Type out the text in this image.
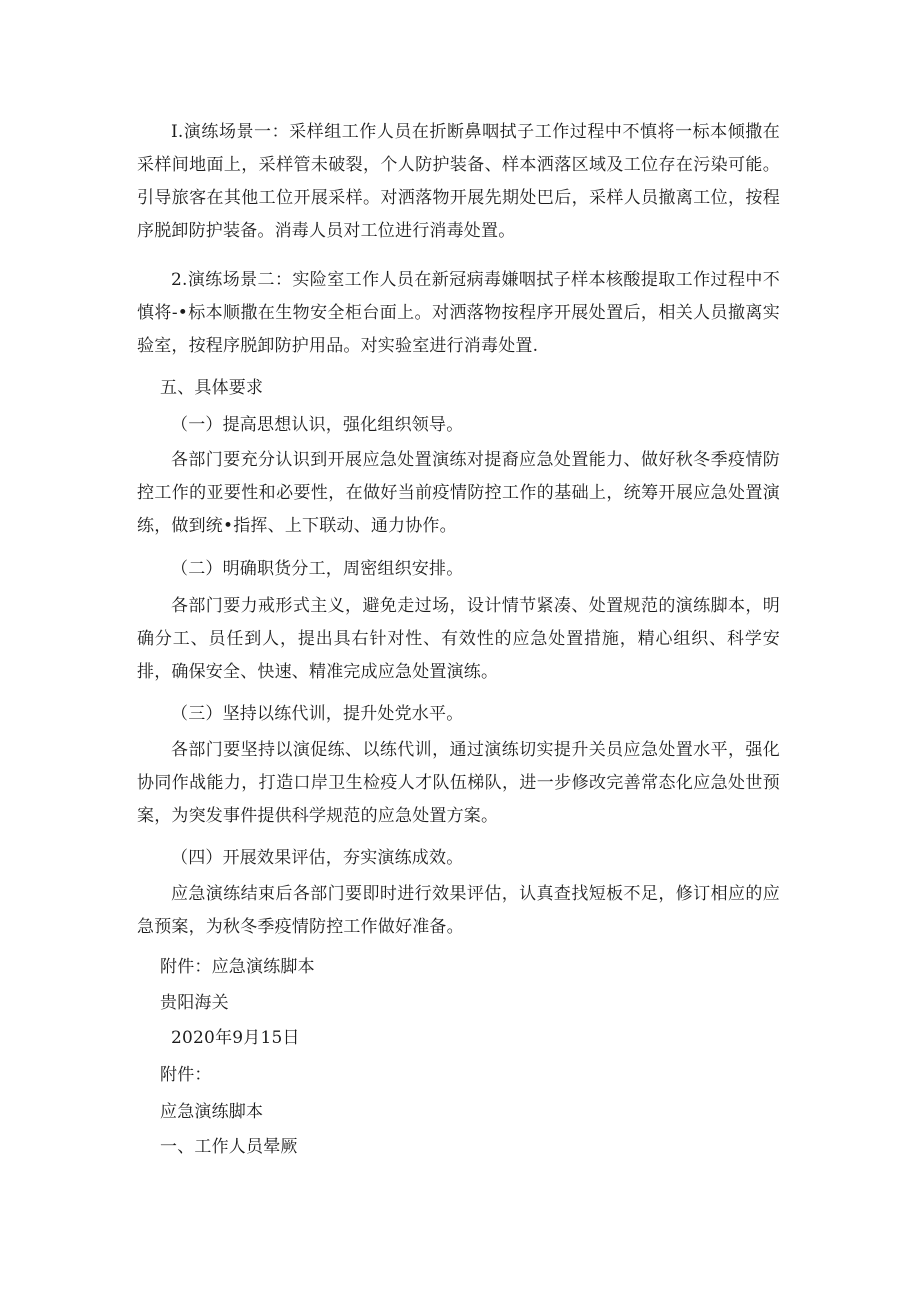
I.演练场景一：采样组工作人员在折断鼻咽拭子工作过程中不慎将一标本倾撒在采样间地面上，采样管未破裂，个人防护装备、样本洒落区域及工位存在污染可能。引导旅客在其他工位开展采样。对洒落物开展先期处巴后，采样人员撤离工位，按程序脱卸防护装备。消毒人员对工位进行消毒处置。

2.演练场景二：实险室工作人员在新冠病毒嫌咽拭子样本核酸提取工作过程中不慎将-•标本顺撒在生物安全柜台面上。对洒落物按程序开展处置后，相关人员撤离实验室，按程序脱卸防护用品。对实验室进行消毒处置.

五、具体要求

（一）提高思想认识，强化组织领导。

各部门要充分认识到开展应急处置演练对提裔应急处置能力、做好秋冬季疫情防控工作的亚要性和必要性，在做好当前疫情防控工作的基础上，统筹开展应急处置演练，做到统•指挥、上下联动、通力协作。

（二）明确职货分工，周密组织安排。

各部门要力戒形式主义，避免走过场，设计情节紧凑、处置规范的演练脚本，明确分工、员任到人，提出具右针对性、有效性的应急处置措施，精心组织、科学安排，确保安全、快速、精准完成应急处置演练。

（三）坚持以练代训，提升处党水平。

各部门要坚持以演促练、以练代训，通过演练切实提升关员应急处置水平，强化协同作战能力，打造口岸卫生检疫人才队伍梯队，进一步修改完善常态化应急处世预案，为突发事件提供科学规范的应急处置方案。

（四）开展效果评估，夯实演练成效。

应急演练结束后各部门要即时进行效果评估，认真查找短板不足，修订相应的应急预案，为秋冬季疫情防控工作做好准备。

附件：应急演练脚本

贵阳海关

2020年9月15日

附件：

应急演练脚本

一、工作人员晕厥
